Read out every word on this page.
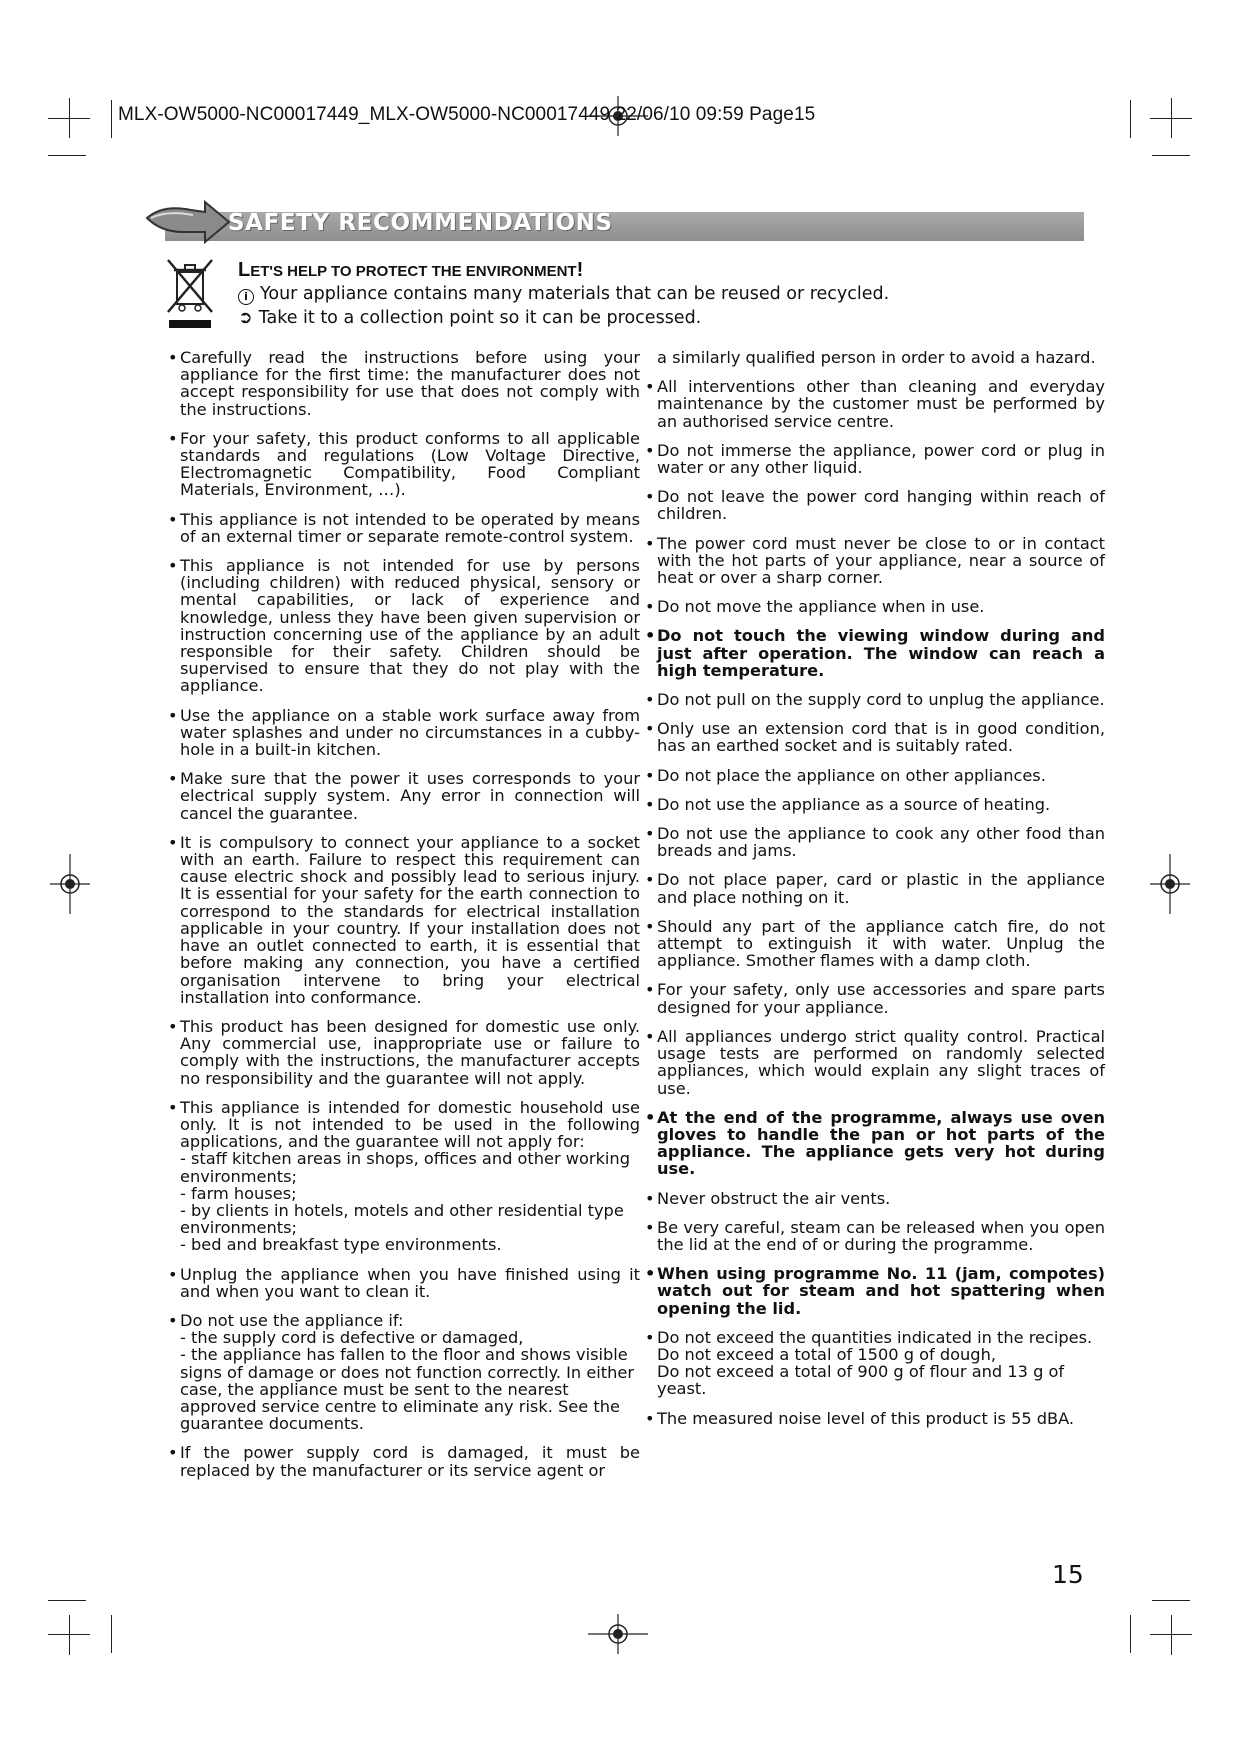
MLX-OW5000-NC00017449_MLX-OW5000-NC00017449 22/06/10 09:59 Page15
SAFETY RECOMMENDATIONS
LET'S HELP TO PROTECT THE ENVIRONMENT!
i Your appliance contains many materials that can be reused or recycled.
➲ Take it to a collection point so it can be processed.
• Carefully read the instructions before using your appliance for the first time: the manufacturer does not accept responsibility for use that does not comply with the instructions.
• For your safety, this product conforms to all applicable standards and regulations (Low Voltage Directive, Electromagnetic Compatibility, Food Compliant Materials, Environment, …).
• This appliance is not intended to be operated by means of an external timer or separate remote-control system.
• This appliance is not intended for use by persons (including children) with reduced physical, sensory or mental capabilities, or lack of experience and knowledge, unless they have been given supervision or instruction concerning use of the appliance by an adult responsible for their safety. Children should be supervised to ensure that they do not play with the appliance.
• Use the appliance on a stable work surface away from water splashes and under no circumstances in a cubby-hole in a built-in kitchen.
• Make sure that the power it uses corresponds to your electrical supply system. Any error in connection will cancel the guarantee.
• It is compulsory to connect your appliance to a socket with an earth. Failure to respect this requirement can cause electric shock and possibly lead to serious injury. It is essential for your safety for the earth connection to correspond to the standards for electrical installation applicable in your country. If your installation does not have an outlet connected to earth, it is essential that before making any connection, you have a certified organisation intervene to bring your electrical installation into conformance.
• This product has been designed for domestic use only. Any commercial use, inappropriate use or failure to comply with the instructions, the manufacturer accepts no responsibility and the guarantee will not apply.
• This appliance is intended for domestic household use only. It is not intended to be used in the following applications, and the guarantee will not apply for:
- staff kitchen areas in shops, offices and other working environments;
- farm houses;
- by clients in hotels, motels and other residential type environments;
- bed and breakfast type environments.
• Unplug the appliance when you have finished using it and when you want to clean it.
• Do not use the appliance if:
- the supply cord is defective or damaged,
- the appliance has fallen to the floor and shows visible signs of damage or does not function correctly. In either case, the appliance must be sent to the nearest approved service centre to eliminate any risk. See the guarantee documents.
• If the power supply cord is damaged, it must be replaced by the manufacturer or its service agent or
a similarly qualified person in order to avoid a hazard.
• All interventions other than cleaning and everyday maintenance by the customer must be performed by an authorised service centre.
• Do not immerse the appliance, power cord or plug in water or any other liquid.
• Do not leave the power cord hanging within reach of children.
• The power cord must never be close to or in contact with the hot parts of your appliance, near a source of heat or over a sharp corner.
• Do not move the appliance when in use.
• Do not touch the viewing window during and just after operation. The window can reach a high temperature.
• Do not pull on the supply cord to unplug the appliance.
• Only use an extension cord that is in good condition, has an earthed socket and is suitably rated.
• Do not place the appliance on other appliances.
• Do not use the appliance as a source of heating.
• Do not use the appliance to cook any other food than breads and jams.
• Do not place paper, card or plastic in the appliance and place nothing on it.
• Should any part of the appliance catch fire, do not attempt to extinguish it with water. Unplug the appliance. Smother flames with a damp cloth.
• For your safety, only use accessories and spare parts designed for your appliance.
• All appliances undergo strict quality control. Practical usage tests are performed on randomly selected appliances, which would explain any slight traces of use.
• At the end of the programme, always use oven gloves to handle the pan or hot parts of the appliance. The appliance gets very hot during use.
• Never obstruct the air vents.
• Be very careful, steam can be released when you open the lid at the end of or during the programme.
• When using programme No. 11 (jam, compotes) watch out for steam and hot spattering when opening the lid.
• Do not exceed the quantities indicated in the recipes.
Do not exceed a total of 1500 g of dough,
Do not exceed a total of 900 g of flour and 13 g of yeast.
• The measured noise level of this product is 55 dBA.
15
